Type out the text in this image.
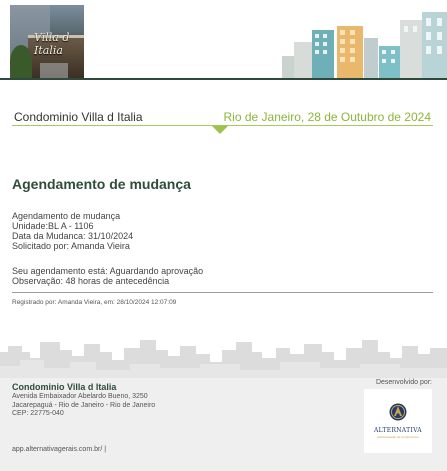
Villa d
Italia
Condominio Villa d Italia	Rio de Janeiro, 28 de Outubro de 2024
Agendamento de mudança
Agendamento de mudança
Unidade:BL A - 1106
Data da Mudanca: 31/10/2024
Solicitado por: Amanda Vieira
Seu agendamento está: Aguardando aprovação
Observação: 48 horas de antecedência
Registrado por: Amanda Vieira, em: 28/10/2024 12:07:09
Condominio Villa d Italia
Avenida Embaixador Abelardo Bueno, 3250
Jacarepaguá - Rio de Janeiro - Rio de Janeiro
CEP: 22775-040
app.alternativagerais.com.br/ |
Desenvolvido por:
ALTERNATIVA
Administração de Condomínios
